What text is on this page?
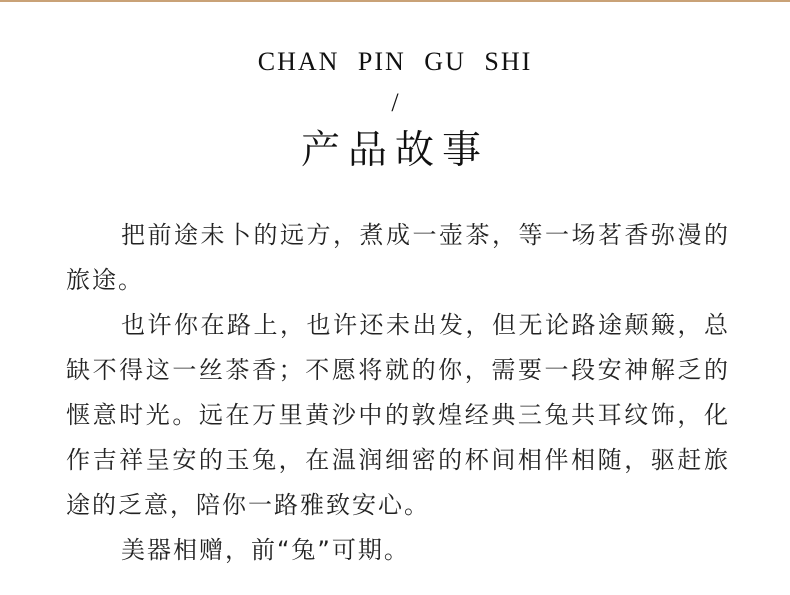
CHAN PIN GU SHI
/
产品故事

把前途未卜的远方，煮成一壶茶，等一场茗香弥漫的旅途。

也许你在路上，也许还未出发，但无论路途颠簸，总缺不得这一丝茶香；不愿将就的你，需要一段安神解乏的惬意时光。远在万里黄沙中的敦煌经典三兔共耳纹饰，化作吉祥呈安的玉兔，在温润细密的杯间相伴相随，驱赶旅途的乏意，陪你一路雅致安心。

美器相赠，前“兔”可期。
